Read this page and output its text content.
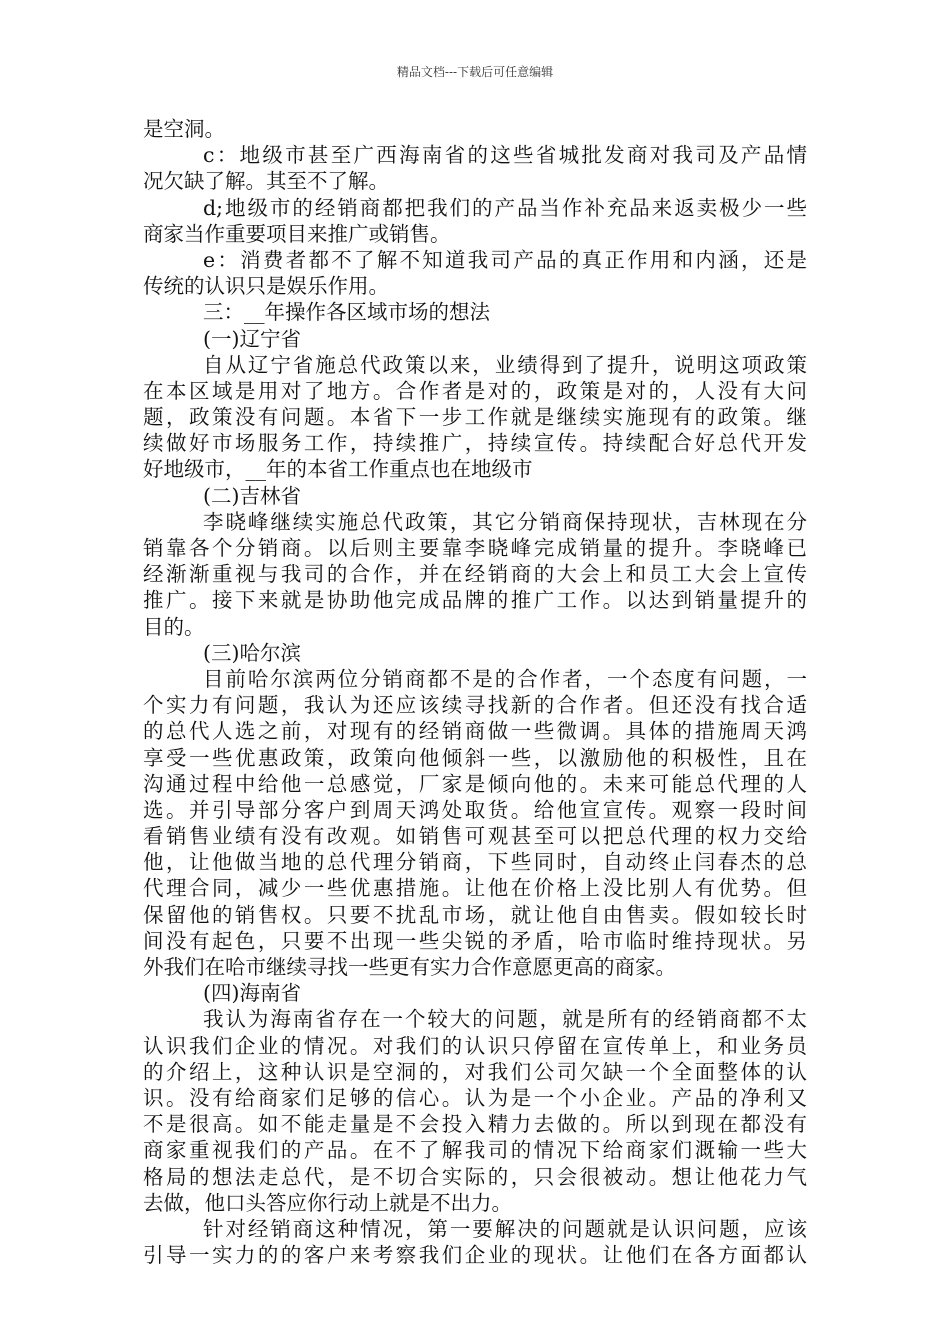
精品文档---下载后可任意编辑
是空洞。
c：地级市甚至广西海南省的这些省城批发商对我司及产品情
况欠缺了解。其至不了解。
d;地级市的经销商都把我们的产品当作补充品来返卖极少一些
商家当作重要项目来推广或销售。
e：消费者都不了解不知道我司产品的真正作用和内涵，还是
传统的认识只是娱乐作用。
三：__年操作各区域市场的想法
(一)辽宁省
自从辽宁省施总代政策以来，业绩得到了提升，说明这项政策
在本区域是用对了地方。合作者是对的，政策是对的，人没有大问
题，政策没有问题。本省下一步工作就是继续实施现有的政策。继
续做好市场服务工作，持续推广，持续宣传。持续配合好总代开发
好地级市，__年的本省工作重点也在地级市
(二)吉林省
李晓峰继续实施总代政策，其它分销商保持现状，吉林现在分
销靠各个分销商。以后则主要靠李晓峰完成销量的提升。李晓峰已
经渐渐重视与我司的合作，并在经销商的大会上和员工大会上宣传
推广。接下来就是协助他完成品牌的推广工作。以达到销量提升的
目的。
(三)哈尔滨
目前哈尔滨两位分销商都不是的合作者，一个态度有问题，一
个实力有问题，我认为还应该续寻找新的合作者。但还没有找合适
的总代人选之前，对现有的经销商做一些微调。具体的措施周天鸿
享受一些优惠政策，政策向他倾斜一些，以激励他的积极性，且在
沟通过程中给他一总感觉，厂家是倾向他的。未来可能总代理的人
选。并引导部分客户到周天鸿处取货。给他宣宣传。观察一段时间
看销售业绩有没有改观。如销售可观甚至可以把总代理的权力交给
他，让他做当地的总代理分销商，下些同时，自动终止闫春杰的总
代理合同，减少一些优惠措施。让他在价格上没比别人有优势。但
保留他的销售权。只要不扰乱市场，就让他自由售卖。假如较长时
间没有起色，只要不出现一些尖锐的矛盾，哈市临时维持现状。另
外我们在哈市继续寻找一些更有实力合作意愿更高的商家。
(四)海南省
我认为海南省存在一个较大的问题，就是所有的经销商都不太
认识我们企业的情况。对我们的认识只停留在宣传单上，和业务员
的介绍上，这种认识是空洞的，对我们公司欠缺一个全面整体的认
识。没有给商家们足够的信心。认为是一个小企业。产品的净利又
不是很高。如不能走量是不会投入精力去做的。所以到现在都没有
商家重视我们的产品。在不了解我司的情况下给商家们溉输一些大
格局的想法走总代，是不切合实际的，只会很被动。想让他花力气
去做，他口头答应你行动上就是不出力。
针对经销商这种情况，第一要解决的问题就是认识问题，应该
引导一实力的的客户来考察我们企业的现状。让他们在各方面都认
